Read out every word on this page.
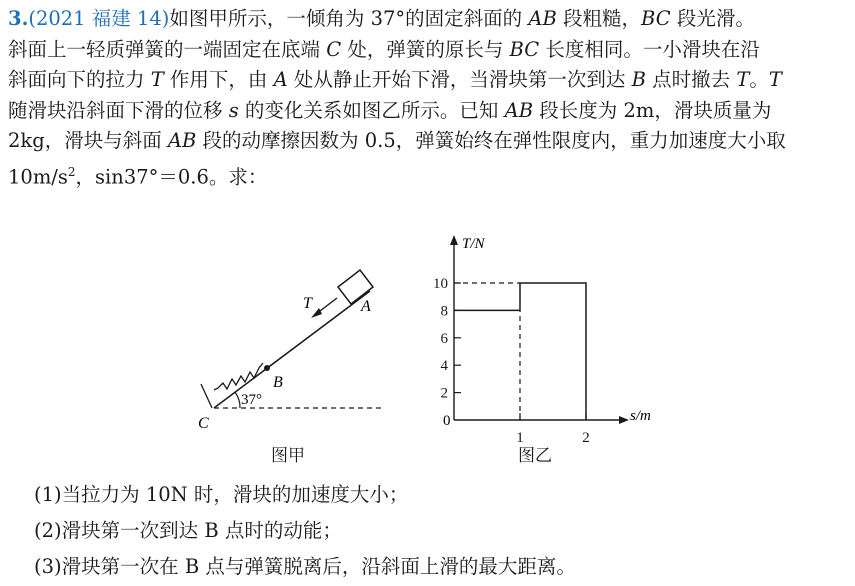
3.(2021 福建 14)如图甲所示，一倾角为 37°的固定斜面的 AB 段粗糙，BC 段光滑。
斜面上一轻质弹簧的一端固定在底端 C 处，弹簧的原长与 BC 长度相同。一小滑块在沿
斜面向下的拉力 T 作用下，由 A 处从静止开始下滑，当滑块第一次到达 B 点时撤去 T。T
随滑块沿斜面下滑的位移 s 的变化关系如图乙所示。已知 AB 段长度为 2m，滑块质量为
2kg，滑块与斜面 AB 段的动摩擦因数为 0.5，弹簧始终在弹性限度内，重力加速度大小取
$10m/s^2$，sin37°＝0.6。求：
T	A
B
C
37°
T/N
s/m
0
2
4
6
8
10
1	2
图甲	图乙
(1)当拉力为 10N 时，滑块的加速度大小；
(2)滑块第一次到达 B 点时的动能；
(3)滑块第一次在 B 点与弹簧脱离后，沿斜面上滑的最大距离。
